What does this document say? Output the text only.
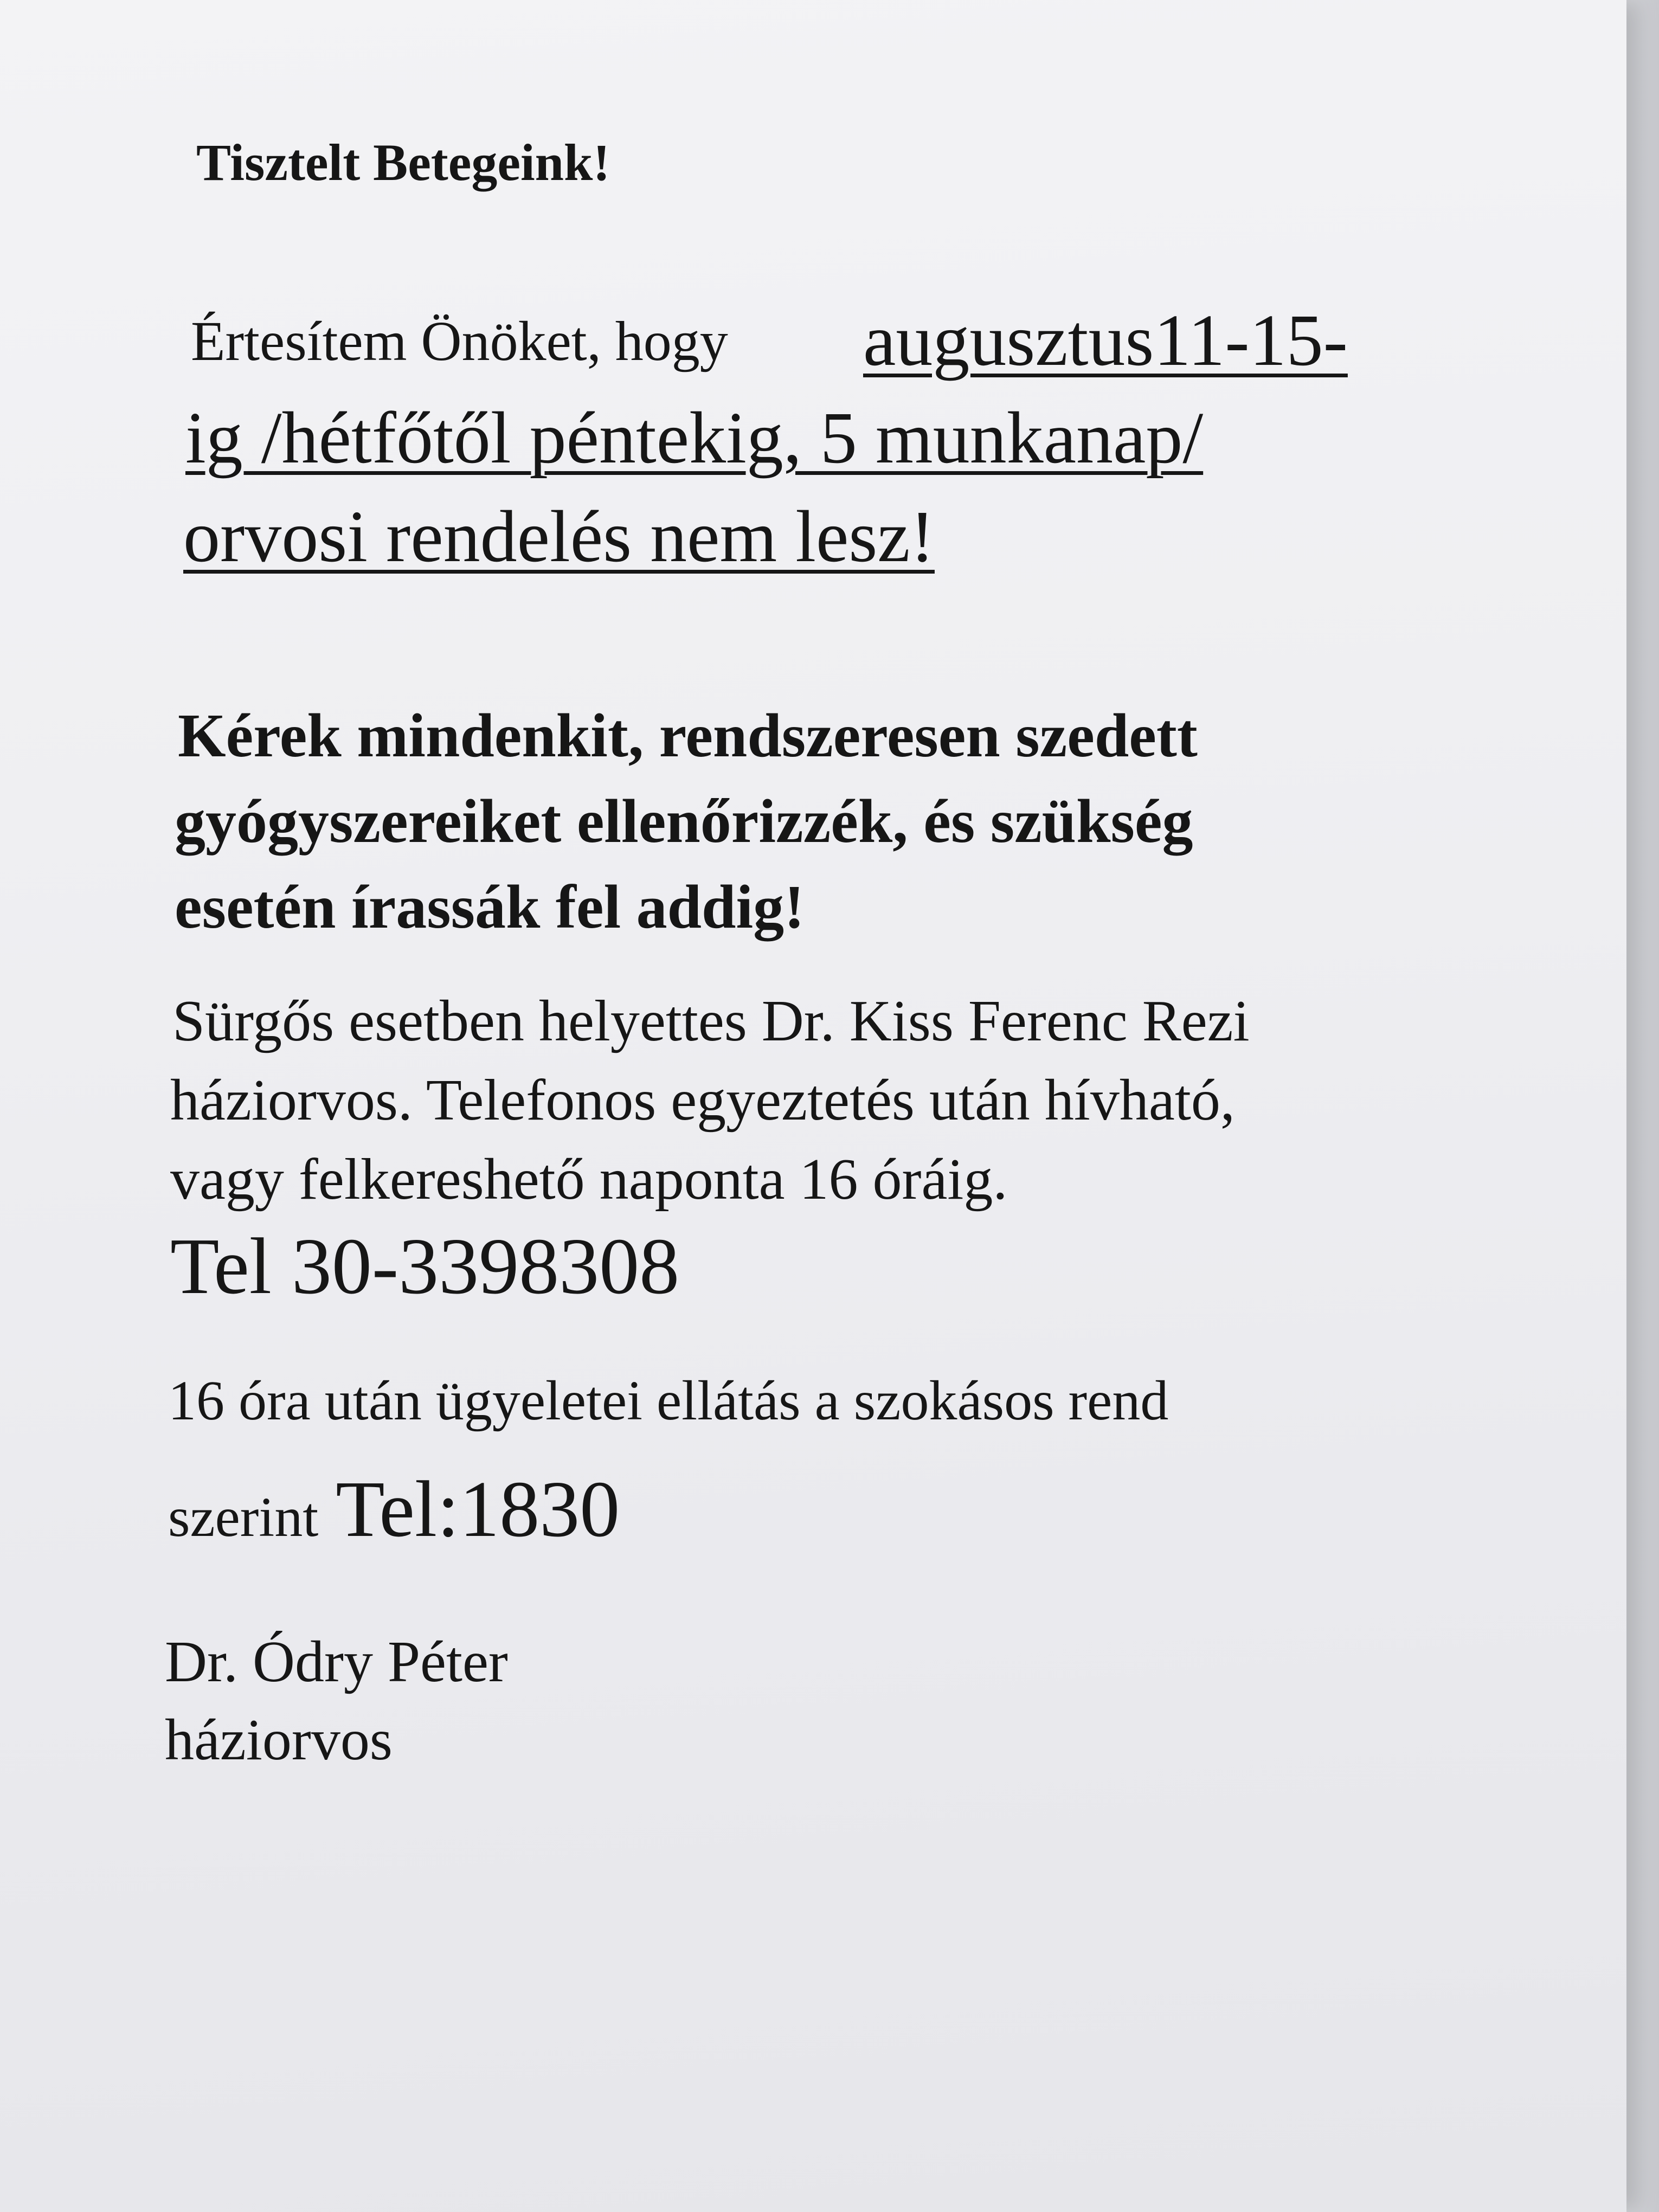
Tisztelt Betegeink!
Értesítem Önöket, hogy augusztus11-15-
ig /hétfőtől péntekig, 5 munkanap/
orvosi rendelés nem lesz!
Kérek mindenkit, rendszeresen szedett
gyógyszereiket ellenőrizzék, és szükség
esetén írassák fel addig!
Sürgős esetben helyettes Dr. Kiss Ferenc Rezi
háziorvos. Telefonos egyeztetés után hívható,
vagy felkereshető naponta 16 óráig.
Tel 30-3398308
16 óra után ügyeletei ellátás a szokásos rend
szerint Tel:1830
Dr. Ódry Péter
háziorvos
